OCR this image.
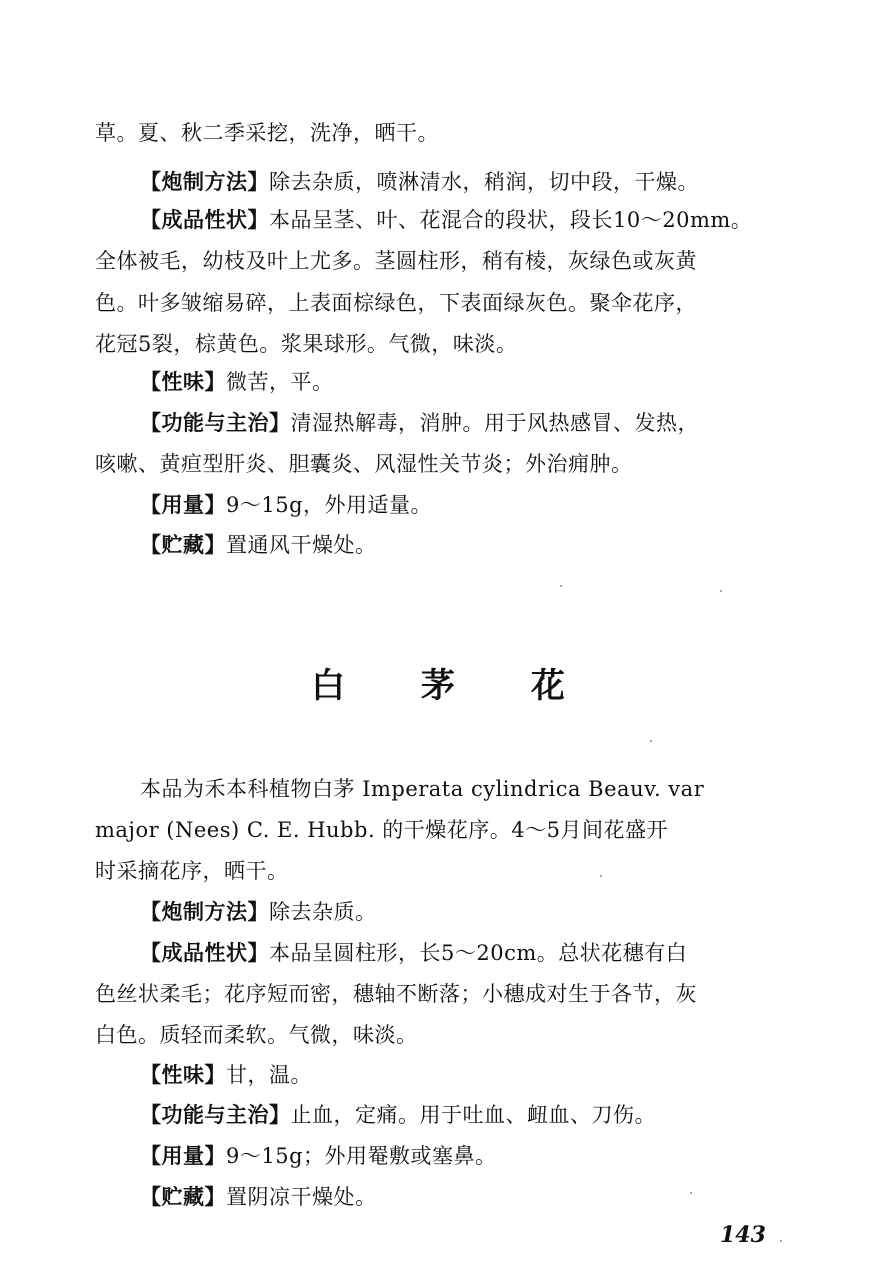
草。夏、秋二季采挖，洗净，晒干。
【炮制方法】除去杂质，喷淋清水，稍润，切中段，干燥。
【成品性状】本品呈茎、叶、花混合的段状，段长10～20mm。
全体被毛，幼枝及叶上尤多。茎圆柱形，稍有棱，灰绿色或灰黄
色。叶多皱缩易碎，上表面棕绿色，下表面绿灰色。聚伞花序，
花冠5裂，棕黄色。浆果球形。气微，味淡。
【性味】微苦，平。
【功能与主治】清湿热解毒，消肿。用于风热感冒、发热，
咳嗽、黄疸型肝炎、胆囊炎、风湿性关节炎；外治痈肿。
【用量】9～15g，外用适量。
【贮藏】置通风干燥处。
白 茅 花
本品为禾本科植物白茅 Imperata cylindrica Beauv. var
major (Nees) C. E. Hubb. 的干燥花序。4～5月间花盛开
时采摘花序，晒干。
【炮制方法】除去杂质。
【成品性状】本品呈圆柱形，长5～20cm。总状花穗有白
色丝状柔毛；花序短而密，穗轴不断落；小穗成对生于各节，灰
白色。质轻而柔软。气微，味淡。
【性味】甘，温。
【功能与主治】止血，定痛。用于吐血、衄血、刀伤。
【用量】9～15g；外用罨敷或塞鼻。
【贮藏】置阴凉干燥处。
143
